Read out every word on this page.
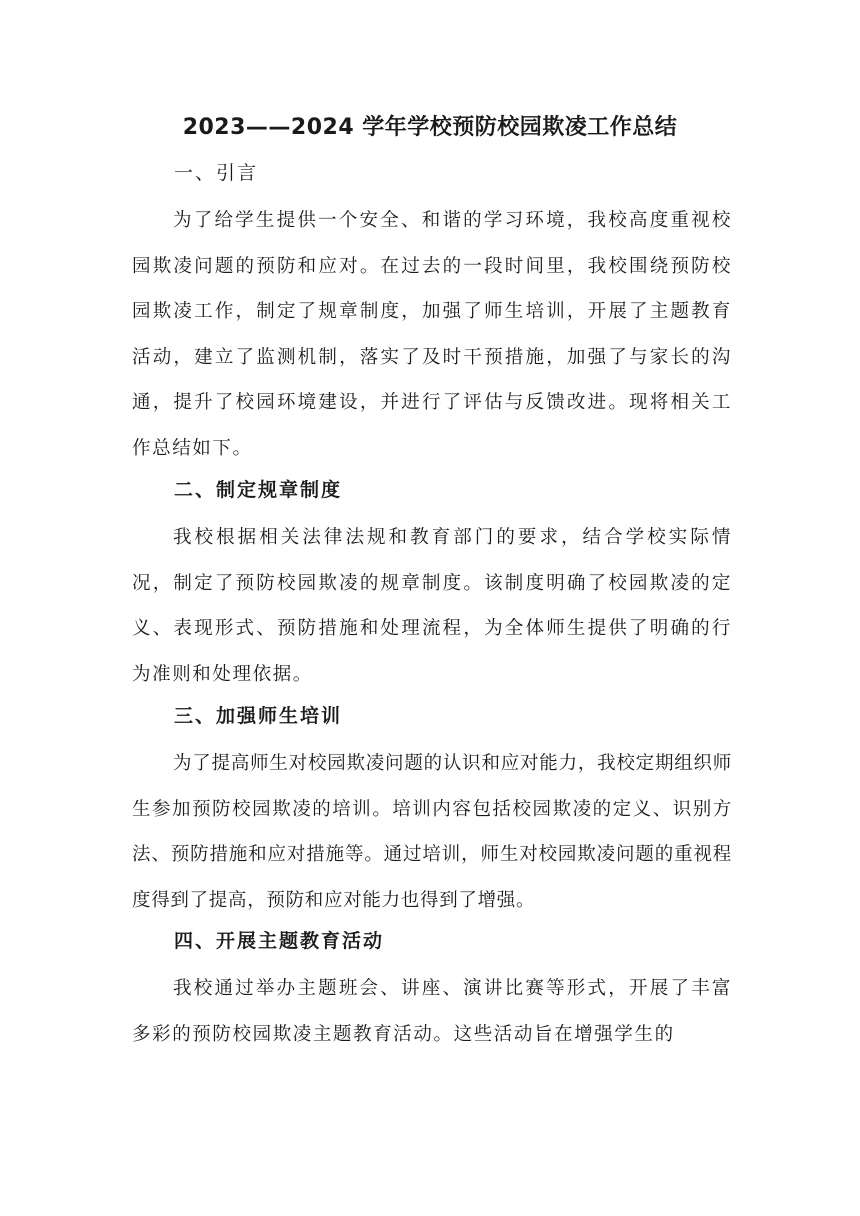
2023——2024 学年学校预防校园欺凌工作总结
一、引言
为了给学生提供一个安全、和谐的学习环境，我校高度重视校园欺凌问题的预防和应对。在过去的一段时间里，我校围绕预防校园欺凌工作，制定了规章制度，加强了师生培训，开展了主题教育活动，建立了监测机制，落实了及时干预措施，加强了与家长的沟通，提升了校园环境建设，并进行了评估与反馈改进。现将相关工作总结如下。
二、制定规章制度
我校根据相关法律法规和教育部门的要求，结合学校实际情况，制定了预防校园欺凌的规章制度。该制度明确了校园欺凌的定义、表现形式、预防措施和处理流程，为全体师生提供了明确的行为准则和处理依据。
三、加强师生培训
为了提高师生对校园欺凌问题的认识和应对能力，我校定期组织师生参加预防校园欺凌的培训。培训内容包括校园欺凌的定义、识别方法、预防措施和应对措施等。通过培训，师生对校园欺凌问题的重视程度得到了提高，预防和应对能力也得到了增强。
四、开展主题教育活动
我校通过举办主题班会、讲座、演讲比赛等形式，开展了丰富多彩的预防校园欺凌主题教育活动。这些活动旨在增强学生的
